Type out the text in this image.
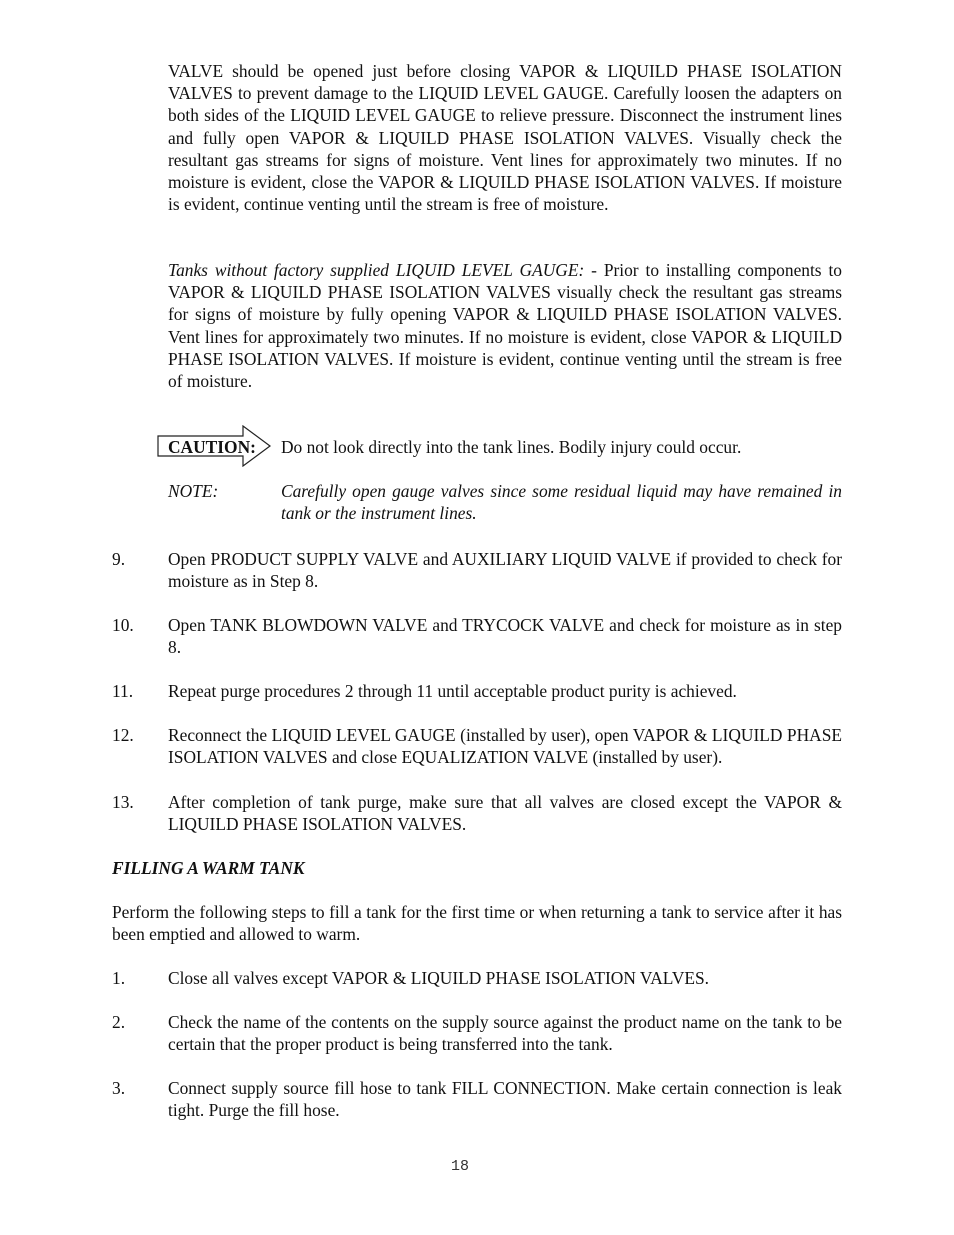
VALVE should be opened just before closing VAPOR & LIQUILD PHASE ISOLATION VALVES to prevent damage to the LIQUID LEVEL GAUGE. Carefully loosen the adapters on both sides of the LIQUID LEVEL GAUGE to relieve pressure. Disconnect the instrument lines and fully open VAPOR & LIQUILD PHASE ISOLATION VALVES. Visually check the resultant gas streams for signs of moisture. Vent lines for approximately two minutes. If no moisture is evident, close the VAPOR & LIQUILD PHASE ISOLATION VALVES. If moisture is evident, continue venting until the stream is free of moisture.
Tanks without factory supplied LIQUID LEVEL GAUGE: - Prior to installing components to VAPOR & LIQUILD PHASE ISOLATION VALVES visually check the resultant gas streams for signs of moisture by fully opening VAPOR & LIQUILD PHASE ISOLATION VALVES. Vent lines for approximately two minutes. If no moisture is evident, close VAPOR & LIQUILD PHASE ISOLATION VALVES. If moisture is evident, continue venting until the stream is free of moisture.
CAUTION: Do not look directly into the tank lines. Bodily injury could occur.
NOTE:	Carefully open gauge valves since some residual liquid may have remained in tank or the instrument lines.
9. Open PRODUCT SUPPLY VALVE and AUXILIARY LIQUID VALVE if provided to check for moisture as in Step 8.
10. Open TANK BLOWDOWN VALVE and TRYCOCK VALVE and check for moisture as in step 8.
11. Repeat purge procedures 2 through 11 until acceptable product purity is achieved.
12. Reconnect the LIQUID LEVEL GAUGE (installed by user), open VAPOR & LIQUILD PHASE ISOLATION VALVES and close EQUALIZATION VALVE (installed by user).
13. After completion of tank purge, make sure that all valves are closed except the VAPOR & LIQUILD PHASE ISOLATION VALVES.
FILLING A WARM TANK
Perform the following steps to fill a tank for the first time or when returning a tank to service after it has been emptied and allowed to warm.
1. Close all valves except VAPOR & LIQUILD PHASE ISOLATION VALVES.
2. Check the name of the contents on the supply source against the product name on the tank to be certain that the proper product is being transferred into the tank.
3. Connect supply source fill hose to tank FILL CONNECTION. Make certain connection is leak tight. Purge the fill hose.
18
